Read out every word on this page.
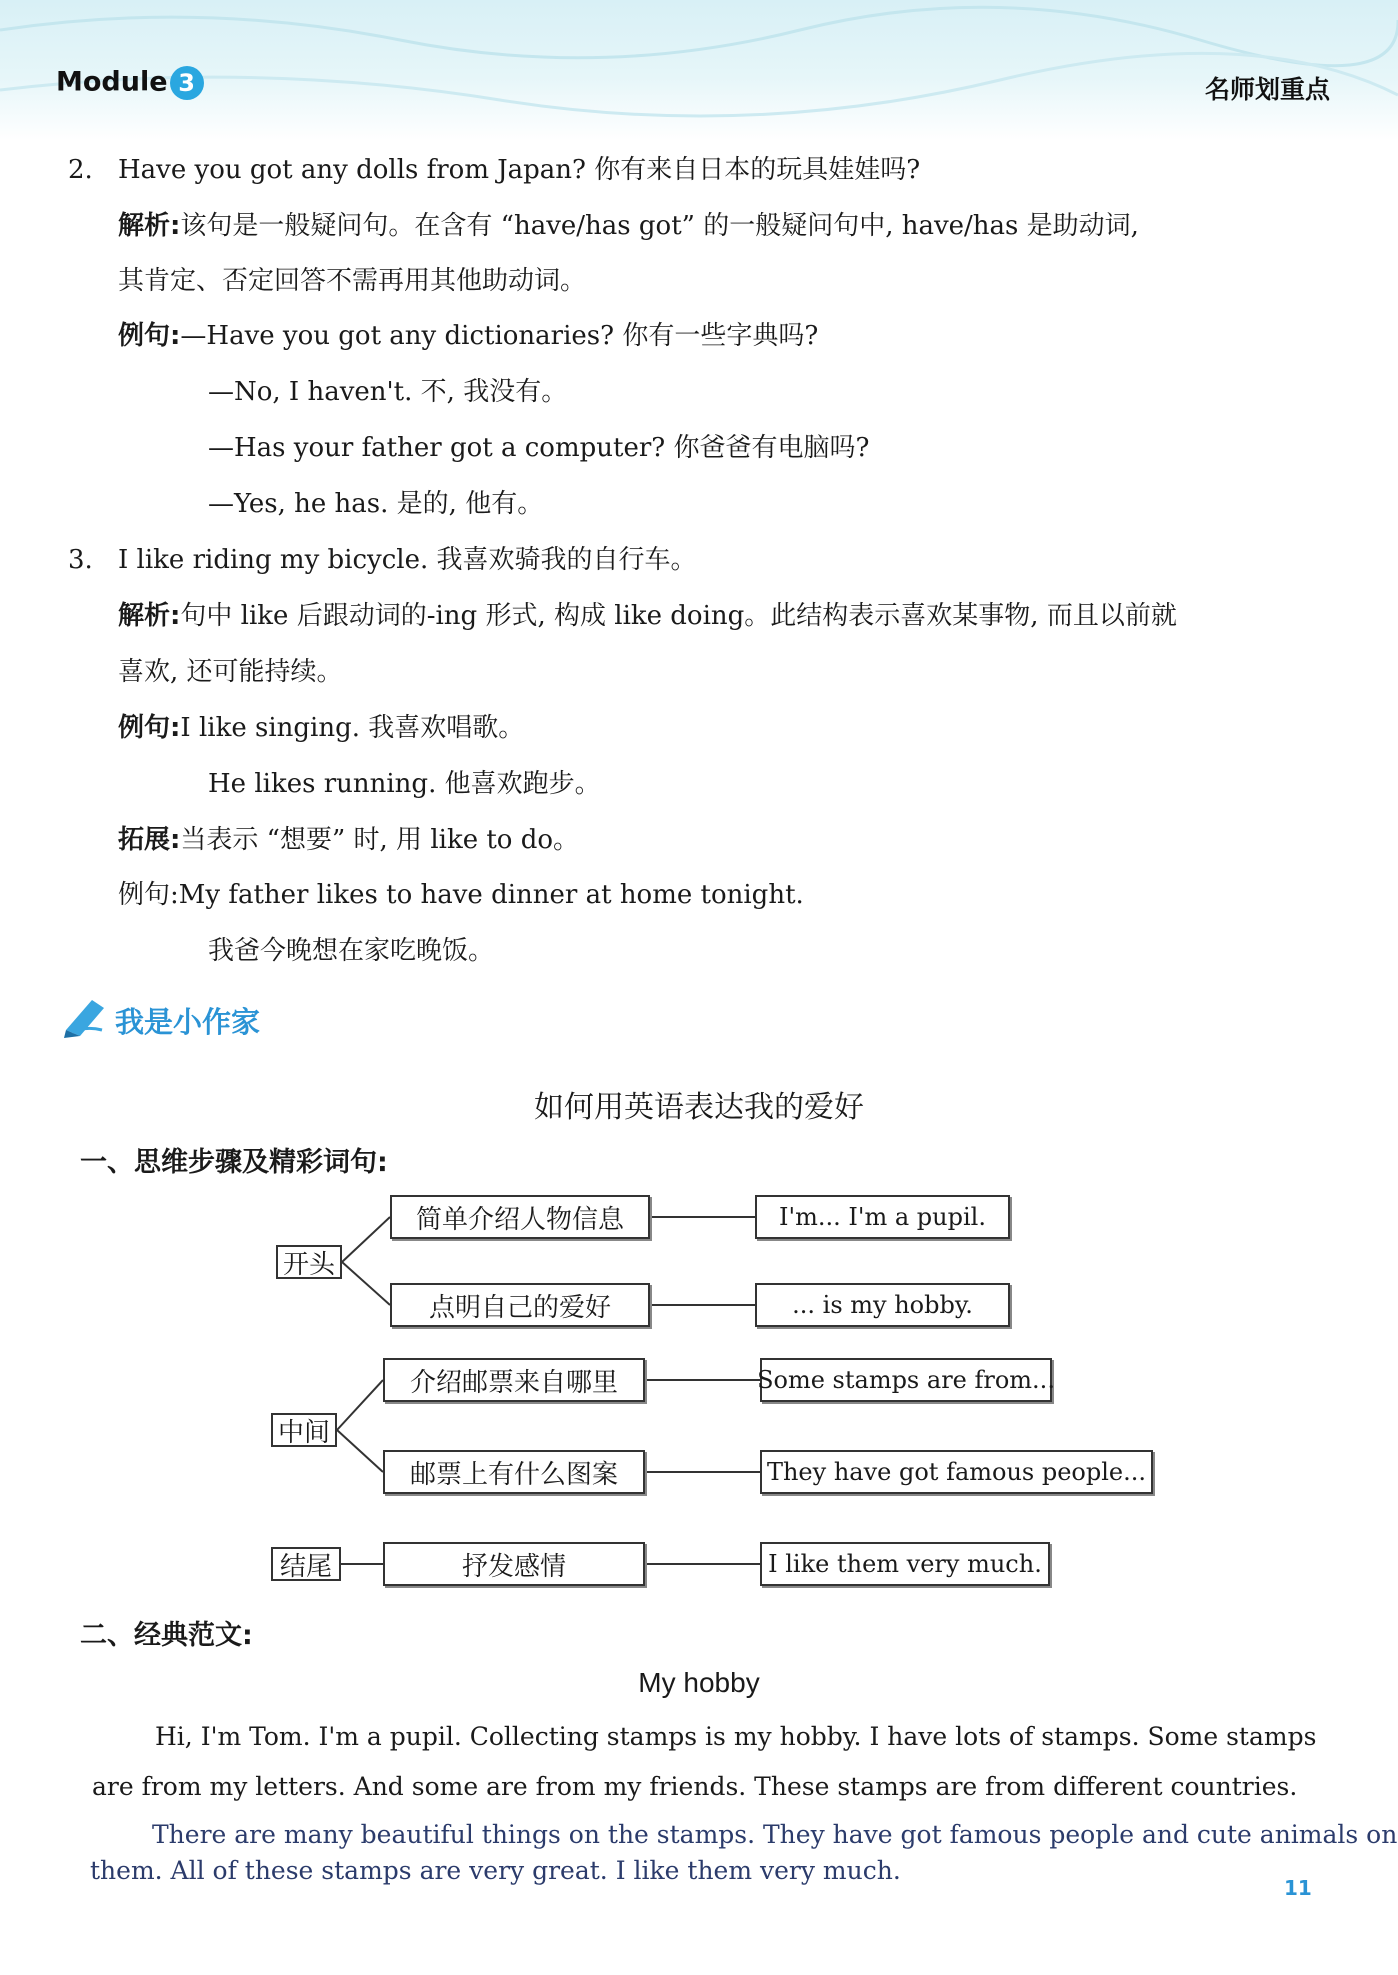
Module 3	名师划重点
2. Have you got any dolls from Japan? 你有来自日本的玩具娃娃吗?
解析:该句是一般疑问句。在含有 “have/has got” 的一般疑问句中, have/has 是助动词,
其肯定、否定回答不需再用其他助动词。
例句:—Have you got any dictionaries? 你有一些字典吗?
—No, I haven't. 不, 我没有。
—Has your father got a computer? 你爸爸有电脑吗?
—Yes, he has. 是的, 他有。
3. I like riding my bicycle. 我喜欢骑我的自行车。
解析:句中 like 后跟动词的-ing 形式, 构成 like doing。此结构表示喜欢某事物, 而且以前就
喜欢, 还可能持续。
例句:I like singing. 我喜欢唱歌。
He likes running. 他喜欢跑步。
拓展:当表示 “想要” 时, 用 like to do。
例句:My father likes to have dinner at home tonight.
我爸今晚想在家吃晚饭。
我是小作家
如何用英语表达我的爱好
一、思维步骤及精彩词句:
开头
中间
结尾
简单介绍人物信息	I'm... I'm a pupil.
点明自己的爱好	... is my hobby.
介绍邮票来自哪里	Some stamps are from...
邮票上有什么图案	They have got famous people...
抒发感情	I like them very much.
二、经典范文:
My hobby
Hi, I'm Tom. I'm a pupil. Collecting stamps is my hobby. I have lots of stamps. Some stamps
are from my letters. And some are from my friends. These stamps are from different countries.
There are many beautiful things on the stamps. They have got famous people and cute animals on
them. All of these stamps are very great. I like them very much.
11
